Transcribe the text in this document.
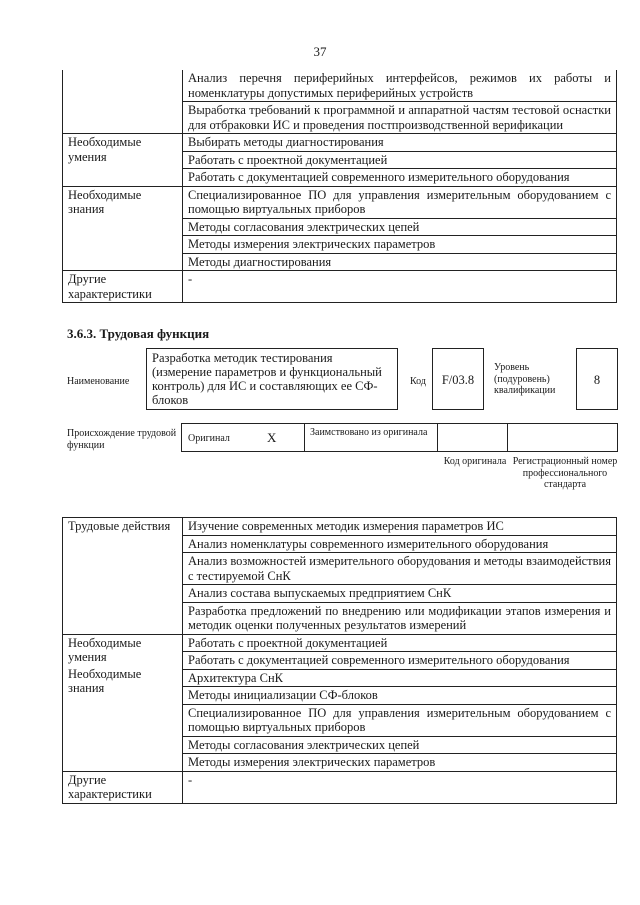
37
	Анализ перечня периферийных интерфейсов, режимов их работы и номенклатуры допустимых периферийных устройств
	Выработка требований к программной и аппаратной частям тестовой оснастки для отбраковки ИС и проведения постпроизводственной верификации
Необходимые умения	Выбирать методы диагностирования
	Работать с проектной документацией
	Работать с документацией современного измерительного оборудования
Необходимые знания	Специализированное ПО для управления измерительным оборудованием с помощью виртуальных приборов
	Методы согласования электрических цепей
	Методы измерения электрических параметров
	Методы диагностирования
Другие характеристики	-
3.6.3. Трудовая функция
Наименование
Разработка методик тестирования (измерение параметров и функциональный контроль) для ИС и составляющих ее СФ-блоков
Код	F/03.8
Уровень (подуровень) квалификации
8
Происхождение трудовой функции
Оригинал	X	Заимствовано из оригинала
Код оригинала Регистрационный номер профессионального стандарта
Трудовые действия	Изучение современных методик измерения параметров ИС
	Анализ номенклатуры современного измерительного оборудования
	Анализ возможностей измерительного оборудования и методы взаимодействия с тестируемой СнК
	Анализ состава выпускаемых предприятием СнК
	Разработка предложений по внедрению или модификации этапов измерения и методик оценки полученных результатов измерений

Необходимые умения
Необходимые знания	Работать с проектной документацией
	Работать с документацией современного измерительного оборудования
	Архитектура СнК
	Методы инициализации СФ-блоков
	Специализированное ПО для управления измерительным оборудованием с помощью виртуальных приборов
	Методы согласования электрических цепей
	Методы измерения электрических параметров
Другие характеристики	-
